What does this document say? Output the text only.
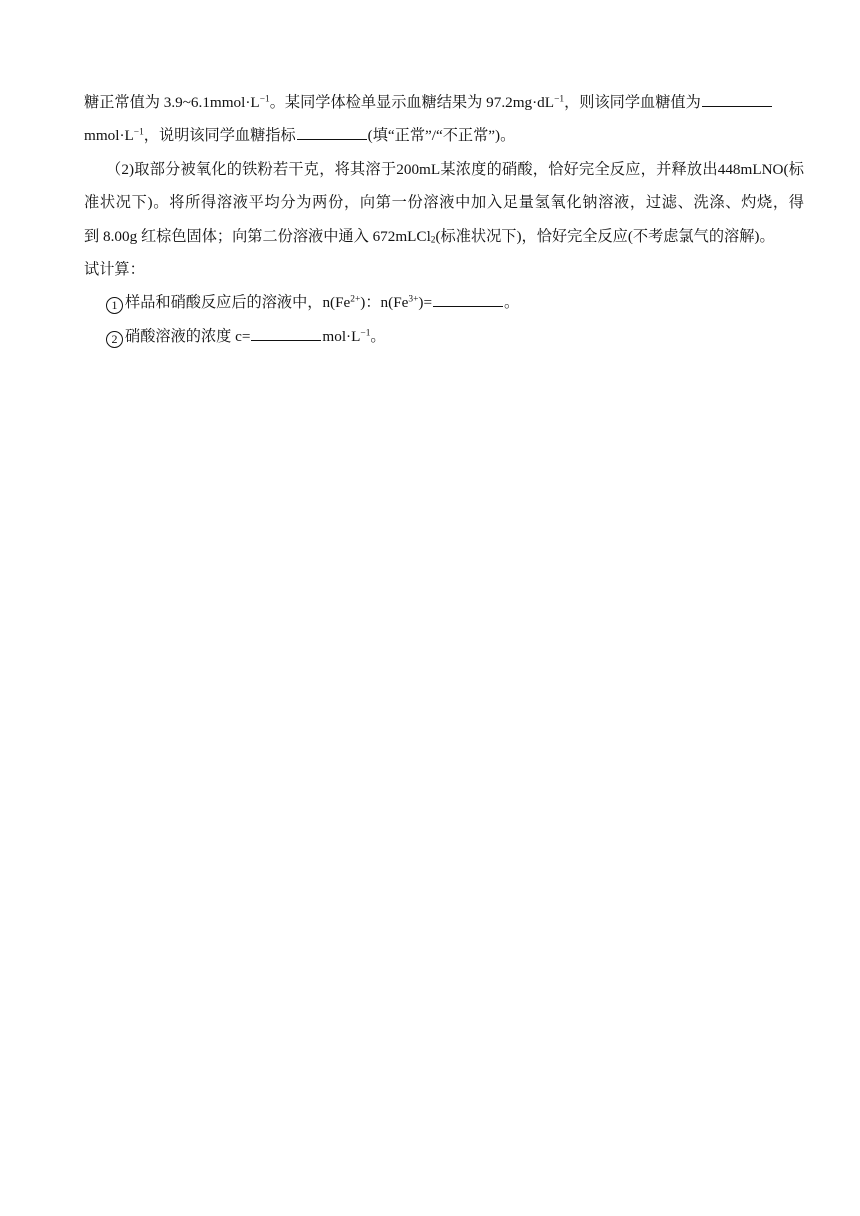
糖正常值为 $3.9\sim 6.1mmol\cdot L^{-1}$。某同学体检单显示血糖结果为 $97.2mg\cdot dL^{-1}$，则该同学血糖值为
$mmol\cdot L^{-1}$，说明该同学血糖指标	(填“正常”/“不正常”)。
（2)取部分被氧化的铁粉若干克，将其溶于200mL某浓度的硝酸，恰好完全反应，并释放出448mLNO(标
准状况下)。将所得溶液平均分为两份，向第一份溶液中加入足量氢氧化钠溶液，过滤、洗涤、灼烧，得
到 8.00g 红棕色固体；向第二份溶液中通入 672mLCl$_2$(标准状况下)，恰好完全反应(不考虑氯气的溶解)。
试计算：
1 样品和硝酸反应后的溶液中，$n(Fe^{2+})$：$n(Fe^{3+})=$	。
2 硝酸溶液的浓度 c=	$mol\cdot L^{-1}$。
